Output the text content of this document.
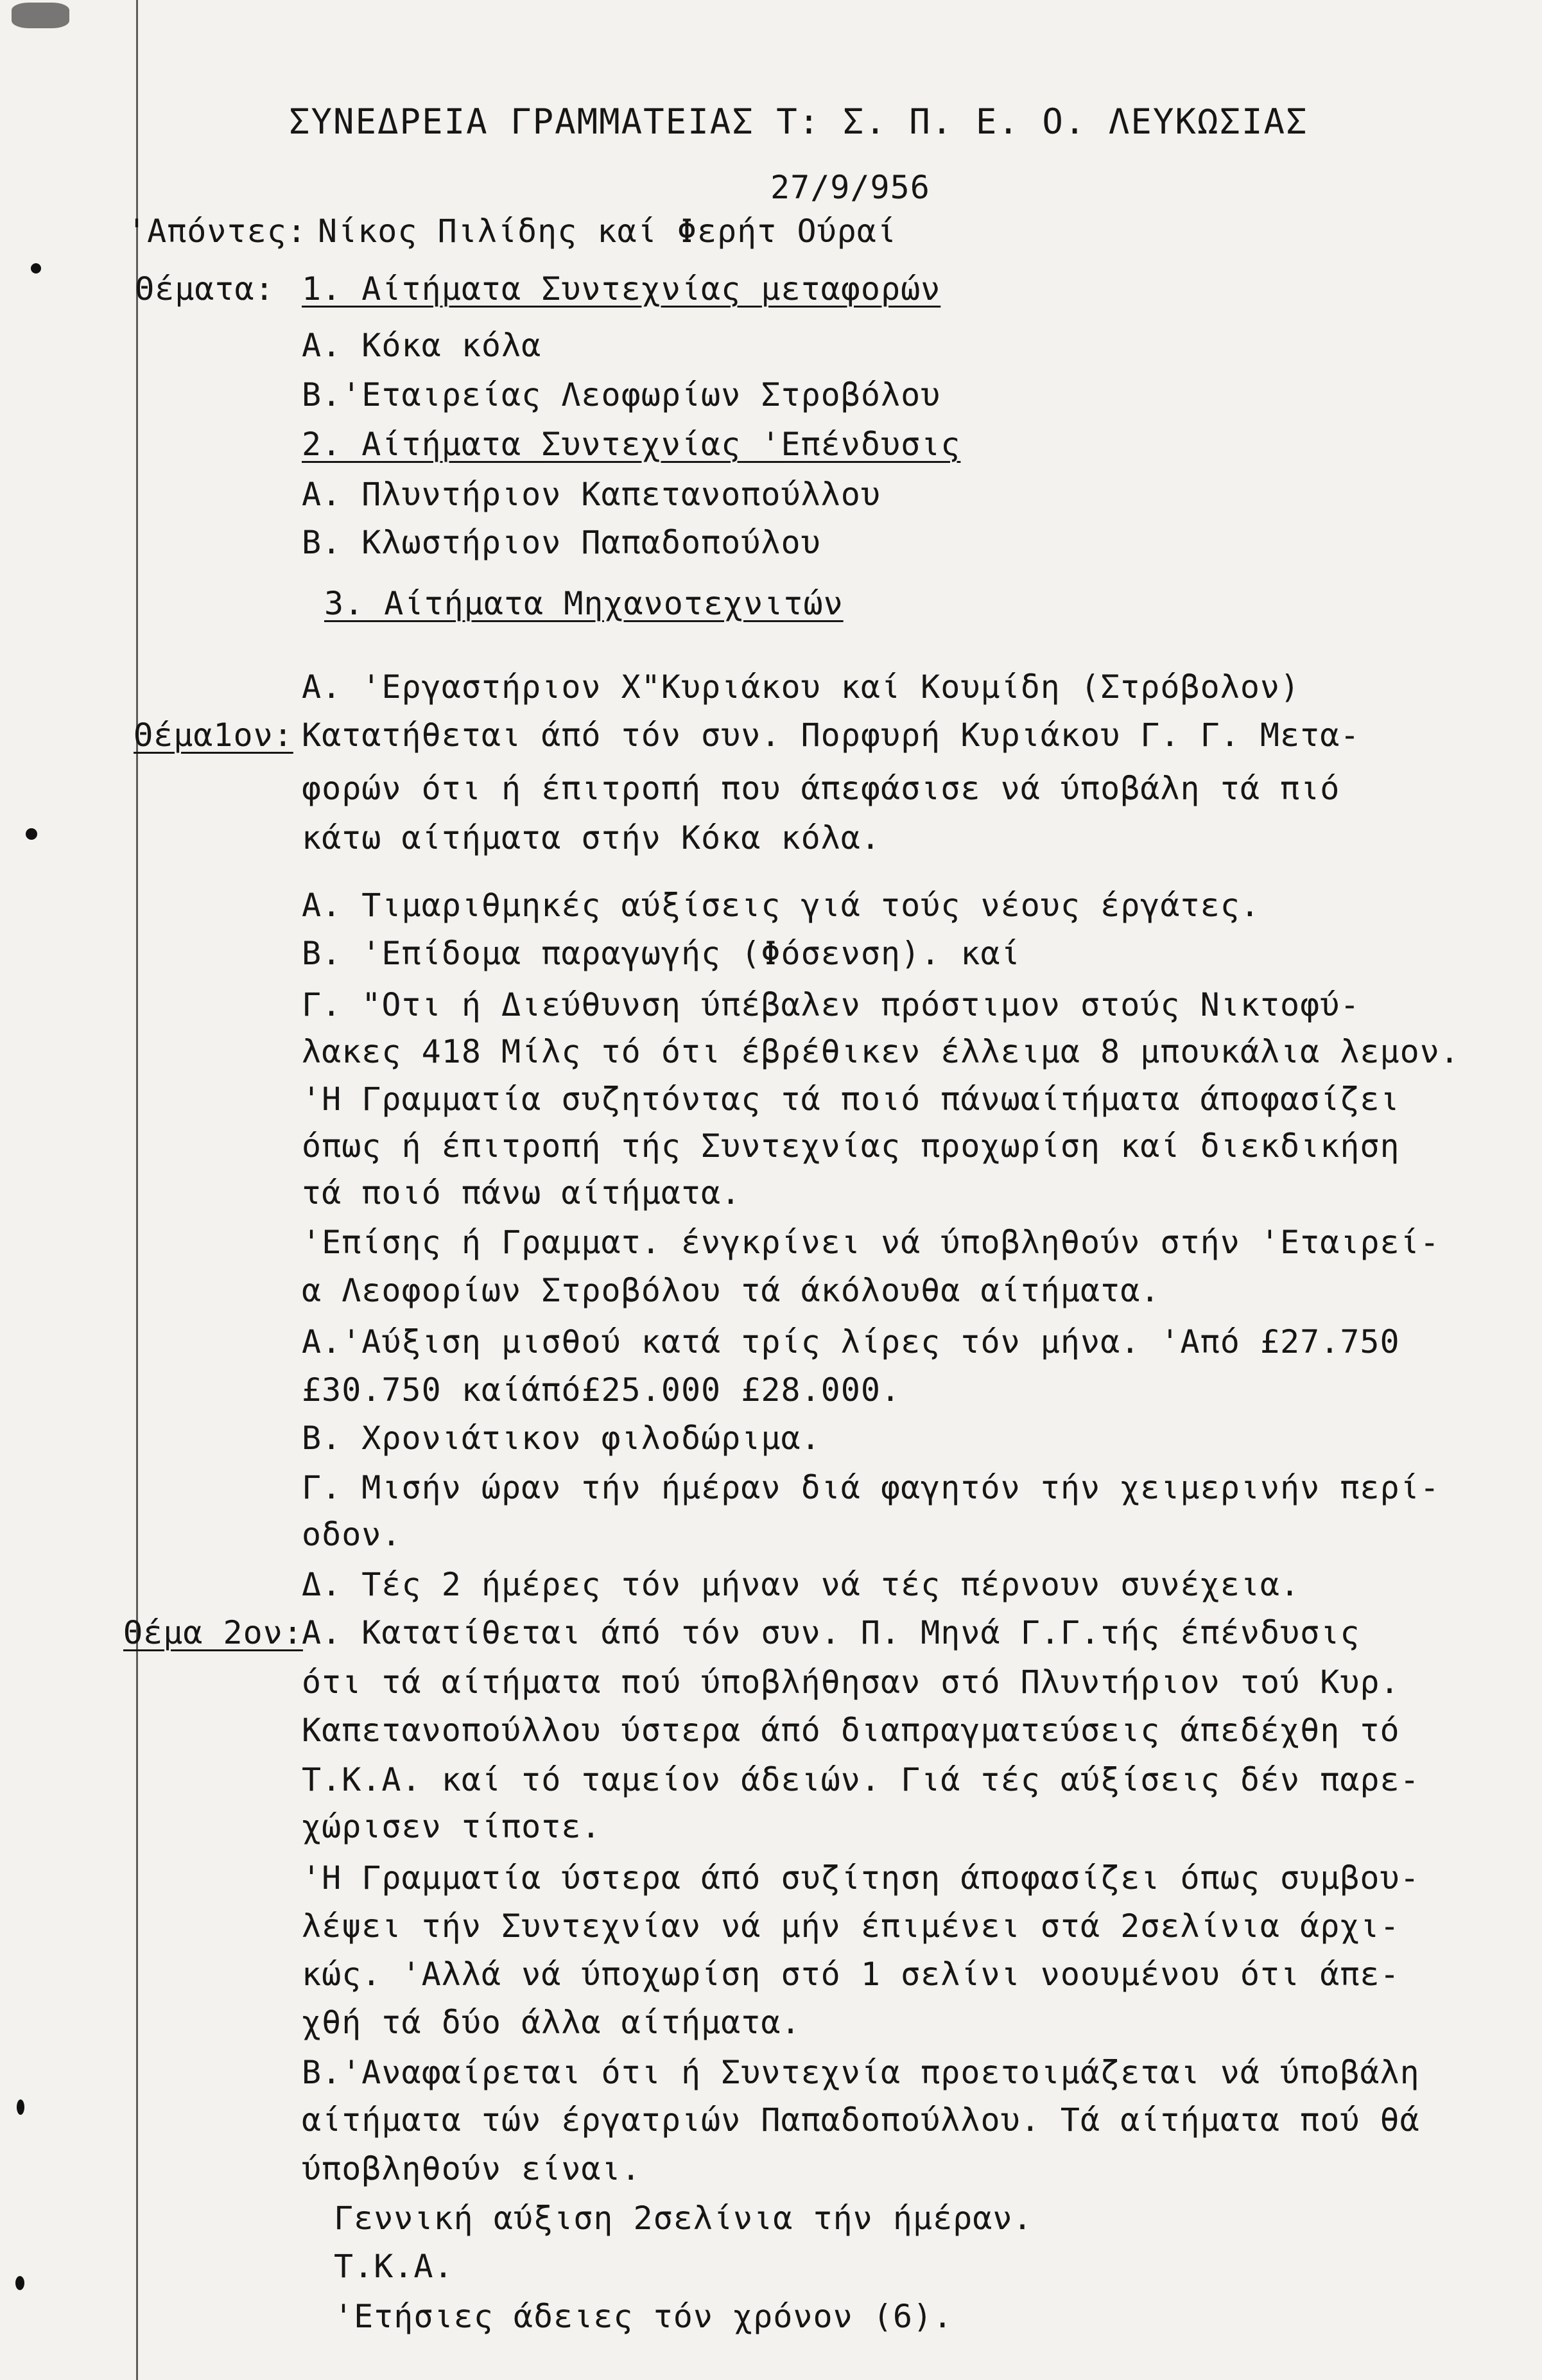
ΣΥΝΕΔΡΕΙΑ ΓΡΑΜΜΑΤΕΙΑΣ Τ: Σ. Π. Ε. Ο. ΛΕΥΚΩΣΙΑΣ
27/9/956
'Απόντες: Νίκος Πιλίδης καί Φερήτ Ούραί
Θέματα: 1. Αίτήματα Συντεχνίας μεταφορών
Α. Κόκα κόλα
Β.'Εταιρείας Λεοφωρίων Στροβόλου
2. Αίτήματα Συντεχνίας 'Επένδυσις
Α. Πλυντήριον Καπετανοπούλλου
Β. Κλωστήριον Παπαδοπούλου
3. Αίτήματα Μηχανοτεχνιτών
Α. 'Εργαστήριον Χ"Κυριάκου καί Κουμίδη (Στρόβολον)
Θέμα1ον: Κατατήθεται άπό τόν συν. Πορφυρή Κυριάκου Γ. Γ. Μετα-
φορών ότι ή έπιτροπή που άπεφάσισε νά ύποβάλη τά πιό
κάτω αίτήματα στήν Κόκα κόλα.
Α. Τιμαριθμηκές αύξίσεις γιά τούς νέους έργάτες.
Β. 'Επίδομα παραγωγής (Φόσενση). καί
Γ. "Οτι ή Διεύθυνση ύπέβαλεν πρόστιμον στούς Νικτοφύ-
λακες 418 Μίλς τό ότι έβρέθικεν έλλειμα 8 μπουκάλια λεμον.
'Η Γραμματία συζητόντας τά ποιό πάνωαίτήματα άποφασίζει
όπως ή έπιτροπή τής Συντεχνίας προχωρίση καί διεκδικήση
τά ποιό πάνω αίτήματα.
'Επίσης ή Γραμματ. ένγκρίνει νά ύποβληθούν στήν 'Εταιρεί-
α Λεοφορίων Στροβόλου τά άκόλουθα αίτήματα.
Α.'Αύξιση μισθού κατά τρίς λίρες τόν μήνα. 'Από £27.750
£30.750 καίάπό£25.000 £28.000.
Β. Χρονιάτικον φιλοδώριμα.
Γ. Μισήν ώραν τήν ήμέραν διά φαγητόν τήν χειμερινήν περί-
οδον.
Δ. Τές 2 ήμέρες τόν μήναν νά τές πέρνουν συνέχεια.
Θέμα 2ον:
Α. Κατατίθεται άπό τόν συν. Π. Μηνά Γ.Γ.τής έπένδυσις
ότι τά αίτήματα πού ύποβλήθησαν στό Πλυντήριον τού Κυρ.
Καπετανοπούλλου ύστερα άπό διαπραγματεύσεις άπεδέχθη τό
Τ.Κ.Α. καί τό ταμείον άδειών. Γιά τές αύξίσεις δέν παρε-
χώρισεν τίποτε.
'Η Γραμματία ύστερα άπό συζίτηση άποφασίζει όπως συμβου-
λέψει τήν Συντεχνίαν νά μήν έπιμένει στά 2σελίνια άρχι-
κώς. 'Αλλά νά ύποχωρίση στό 1 σελίνι νοουμένου ότι άπε-
χθή τά δύο άλλα αίτήματα.
Β.'Αναφαίρεται ότι ή Συντεχνία προετοιμάζεται νά ύποβάλη
αίτήματα τών έργατριών Παπαδοπούλλου. Τά αίτήματα πού θά
ύποβληθούν είναι.
Γεννική αύξιση 2σελίνια τήν ήμέραν.
Τ.Κ.Α.
'Ετήσιες άδειες τόν χρόνον (6).
